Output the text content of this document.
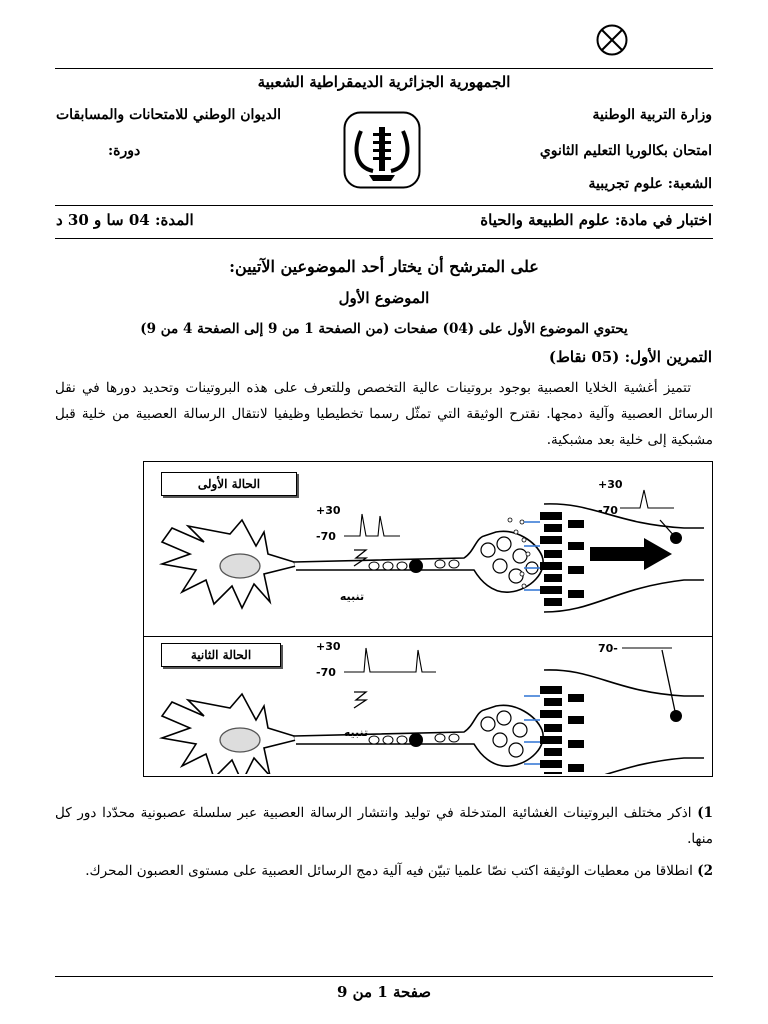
الجمهورية الجزائرية الديمقراطية الشعبية
وزارة التربية الوطنية
الديوان الوطني للامتحانات والمسابقات
امتحان بكالوريا التعليم الثانوي
دورة:
الشعبة: علوم تجريبية
اختبار في مادة: علوم الطبيعة والحياة
المدة: 04 سا و 30 د
على المترشح أن يختار أحد الموضوعين الآتيين:
الموضوع الأول
يحتوي الموضوع الأول على (04) صفحات (من الصفحة 1 من 9 إلى الصفحة 4 من 9)
التمرين الأول: (05 نقاط)
تتميز أغشية الخلايا العصبية بوجود بروتينات عالية التخصص وللتعرف على هذه البروتينات وتحديد دورها في نقل الرسائل العصبية وآلية دمجها. نقترح الوثيقة التي تمثّل رسما تخطيطيا وظيفيا لانتقال الرسالة العصبية من خلية قبل مشبكية إلى خلية بعد مشبكية.
الحالة الأولى
الحالة الثانية
+30
-70
تنبيه
+30
-70
+30
-70
تنبيه
70-
1) اذكر مختلف البروتينات الغشائية المتدخلة في توليد وانتشار الرسالة العصبية عبر سلسلة عصبونية محدّدا دور كل منها.
2) انطلاقا من معطيات الوثيقة اكتب نصّا علميا تبيّن فيه آلية دمج الرسائل العصبية على مستوى العصبون المحرك.
صفحة 1 من 9
